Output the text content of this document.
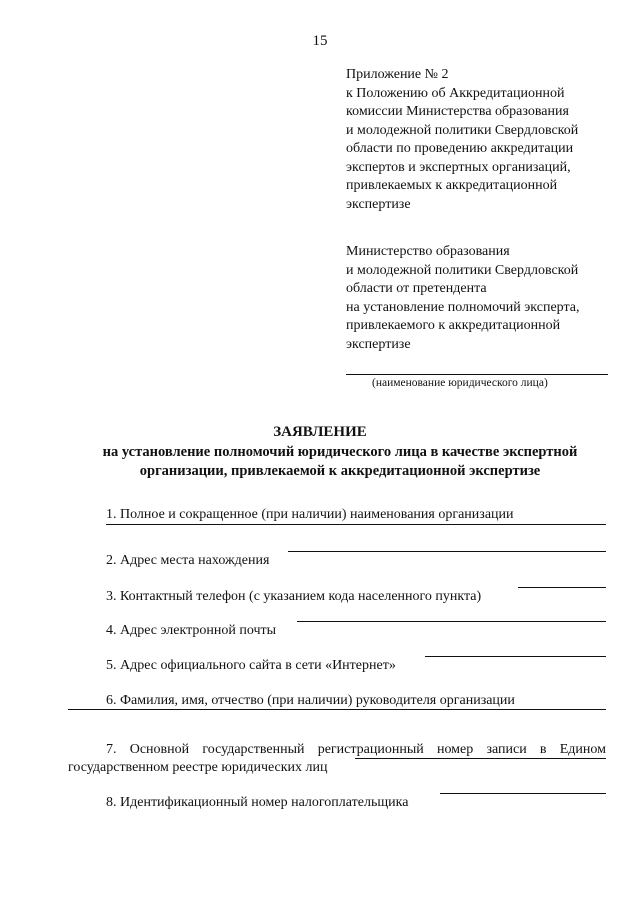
15
Приложение № 2
к Положению об Аккредитационной
комиссии Министерства образования
и молодежной политики Свердловской
области по проведению аккредитации
экспертов и экспертных организаций,
привлекаемых к аккредитационной
экспертизе
Министерство образования
и молодежной политики Свердловской
области от претендента
на установление полномочий эксперта,
привлекаемого к аккредитационной
экспертизе
(наименование юридического лица)
ЗАЯВЛЕНИЕ
на установление полномочий юридического лица в качестве экспертной
организации, привлекаемой к аккредитационной экспертизе
1. Полное и сокращенное (при наличии) наименования организации
2. Адрес места нахождения
3. Контактный телефон (с указанием кода населенного пункта)
4. Адрес электронной почты
5. Адрес официального сайта в сети «Интернет»
6. Фамилия, имя, отчество (при наличии) руководителя организации
7. Основной государственный регистрационный номер записи в Едином
государственном реестре юридических лиц
8. Идентификационный номер налогоплательщика
